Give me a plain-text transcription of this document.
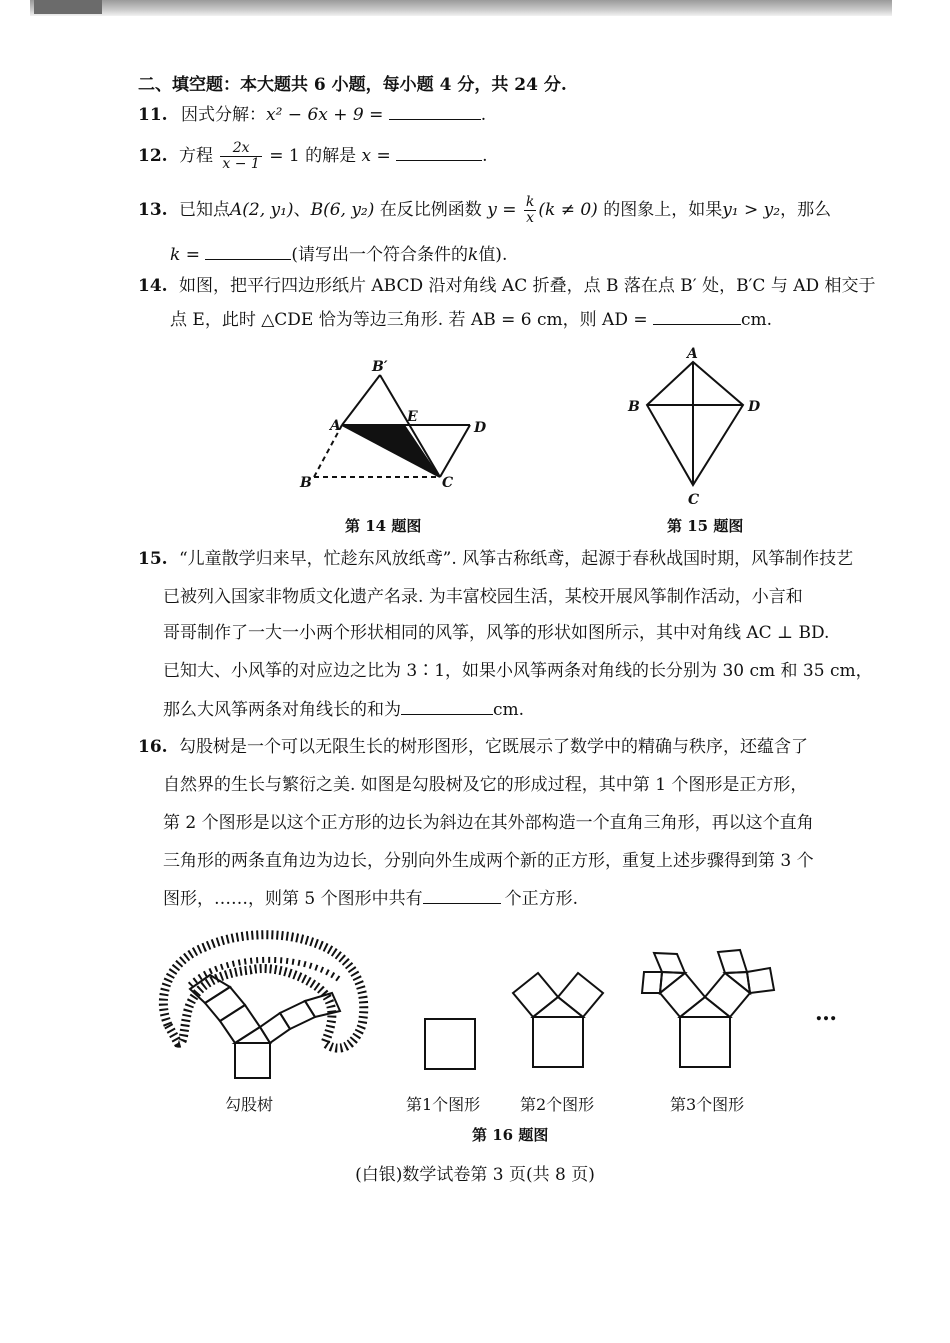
二、填空题：本大题共 6 小题，每小题 4 分，共 24 分.
11. 因式分解：x² − 6x + 9 =	.
12. 方程 $\frac{2x}{x - 1} = 1$ 的解是 x =	.
13. 已知点A(2, y₁)、B(6, y₂) 在反比例函数 $y = \frac{k}{x} (k \ne 0)$ 的图象上，如果y₁ > y₂，那么
k =	(请写出一个符合条件的k值).
14. 如图，把平行四边形纸片 ABCD 沿对角线 AC 折叠，点 B 落在点 B′ 处，B′C 与 AD 相交于
点 E，此时 △CDE 恰为等边三角形. 若 AB = 6 cm，则 AD =	cm.
B′
A
E
D
B	C
第 14 题图
A
B	D
C
第 15 题图
15. “儿童散学归来早，忙趁东风放纸鸢”. 风筝古称纸鸢，起源于春秋战国时期，风筝制作技艺
已被列入国家非物质文化遗产名录. 为丰富校园生活，某校开展风筝制作活动，小言和
哥哥制作了一大一小两个形状相同的风筝，风筝的形状如图所示，其中对角线 AC ⊥ BD.
已知大、小风筝的对应边之比为 3∶1，如果小风筝两条对角线的长分别为 30 cm 和 35 cm，
那么大风筝两条对角线长的和为	cm.
16. 勾股树是一个可以无限生长的树形图形，它既展示了数学中的精确与秩序，还蕴含了
自然界的生长与繁衍之美. 如图是勾股树及它的形成过程，其中第 1 个图形是正方形，
第 2 个图形是以这个正方形的边长为斜边在其外部构造一个直角三角形，再以这个直角
三角形的两条直角边为边长，分别向外生成两个新的正方形，重复上述步骤得到第 3 个
图形，……，则第 5 个图形中共有	个正方形.
勾股树	第1个图形 第2个图形	第3个图形
…
第 16 题图
(白银)数学试卷第 3 页(共 8 页)
